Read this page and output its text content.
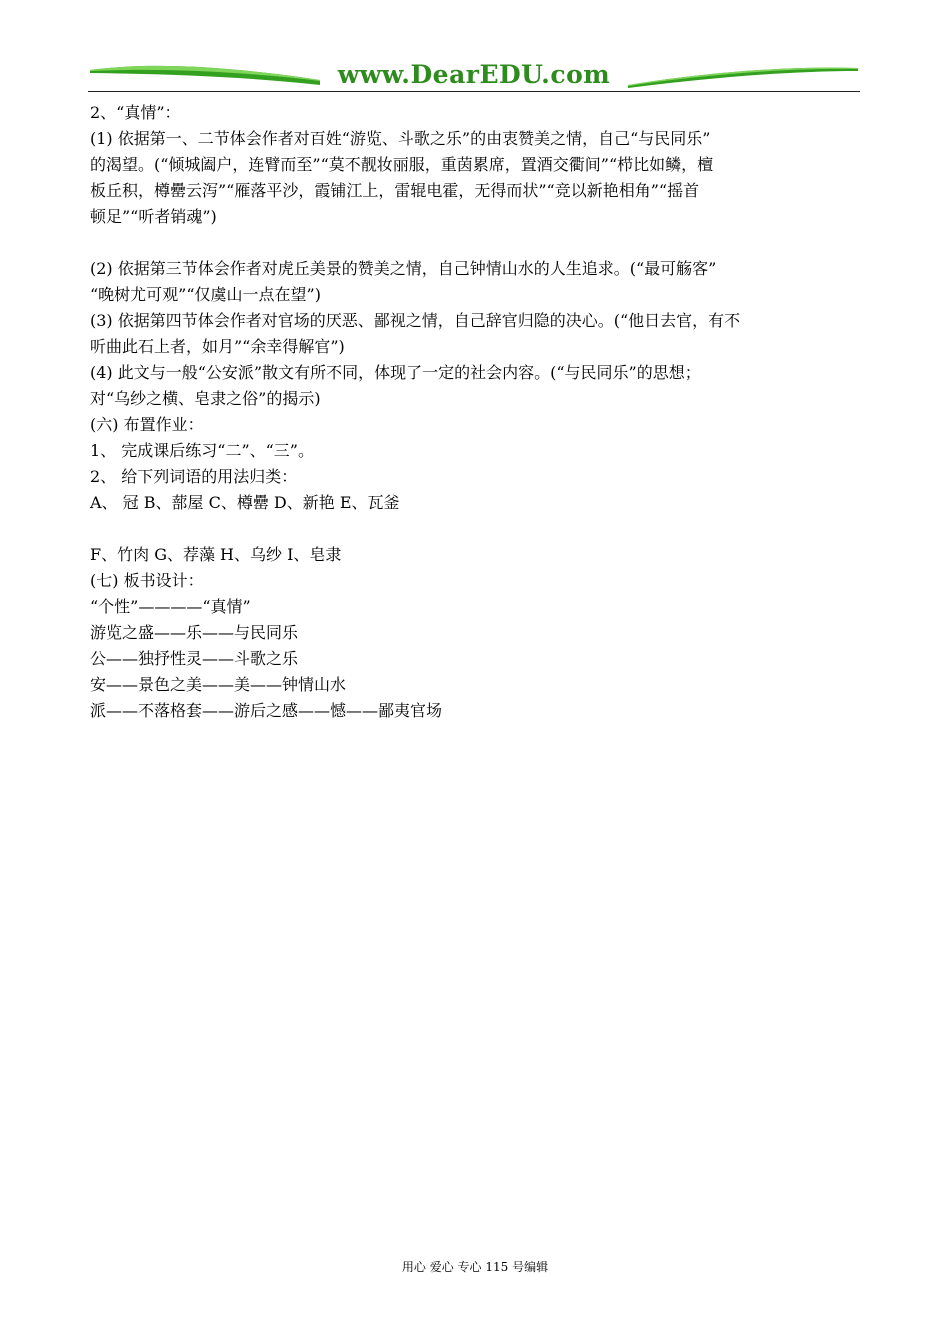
www.DearEDU.com

2、“真情”：

(1) 依据第一、二节体会作者对百姓“游览、斗歌之乐”的由衷赞美之情，自己“与民同乐”

的渴望。(“倾城阖户，连臂而至”“莫不靓妆丽服，重茵累席，置酒交衢间”“栉比如鳞，檀

板丘积，樽罍云泻”“雁落平沙，霞铺江上，雷辊电霍，无得而状”“竞以新艳相角”“摇首

顿足”“听者销魂”)

(2) 依据第三节体会作者对虎丘美景的赞美之情，自己钟情山水的人生追求。(“最可觞客”

“晚树尤可观”“仅虞山一点在望”)

(3) 依据第四节体会作者对官场的厌恶、鄙视之情，自己辞官归隐的决心。(“他日去官，有不

听曲此石上者，如月”“余幸得解官”)

(4) 此文与一般“公安派”散文有所不同，体现了一定的社会内容。(“与民同乐”的思想；

对“乌纱之横、皂隶之俗”的揭示)

(六) 布置作业：

1、 完成课后练习“二”、“三”。

2、 给下列词语的用法归类：

A、 冠 B、蔀屋 C、樽罍 D、新艳 E、瓦釜

F、竹肉 G、荐藻 H、乌纱 I、皂隶

(七) 板书设计：

“个性”————“真情”

游览之盛——乐——与民同乐

公——独抒性灵——斗歌之乐

安——景色之美——美——钟情山水

派——不落格套——游后之感——憾——鄙夷官场

用心 爱心 专心 115 号编辑
